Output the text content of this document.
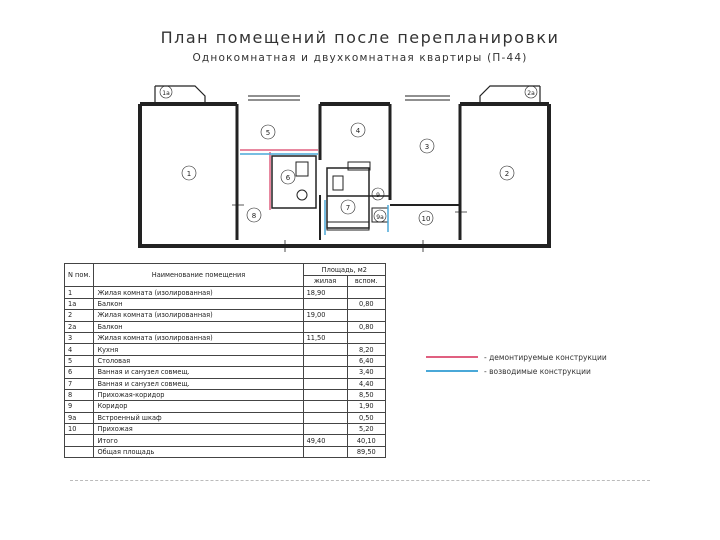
План помещений после перепланировки
Однокомнатная и двухкомнатная квартиры (П-44)
1
1а
2
2а
3
4
5
6
7
8
9
9а	10
N пом.	Наименование помещения	Площадь, м2	
		жилая	вспом.
1	Жилая комната (изолированная)	18,90	
1а	Балкон		0,80
2	Жилая комната (изолированная)	19,00	
2а	Балкон		0,80
3	Жилая комната (изолированная)	11,50	
4	Кухня		8,20
5	Столовая		6,40
6	Ванная и санузел совмещ.		3,40
7	Ванная и санузел совмещ.		4,40
8	Прихожая-коридор		8,50
9	Коридор		1,90
9а	Встроенный шкаф		0,50
10	Прихожая		5,20
	Итого	49,40	40,10
	Общая площадь		89,50
- демонтируемые конструкции
- возводимые конструкции
